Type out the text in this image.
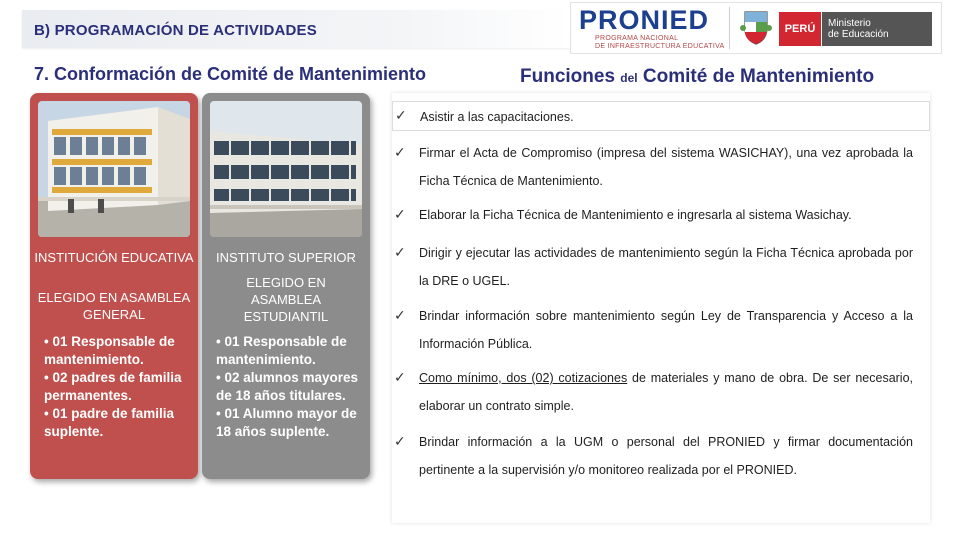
B) PROGRAMACIÓN DE ACTIVIDADES	PRONIED
PROGRAMA NACIONAL
DE INFRAESTRUCTURA EDUCATIVA
PERÚ	Ministerio
de Educación
7. Conformación de Comité de Mantenimiento	Funciones del Comité de Mantenimiento
INSTITUCIÓN EDUCATIVA
ELEGIDO EN ASAMBLEA GENERAL
• 01 Responsable de mantenimiento.
• 02 padres de familia permanentes.
• 01 padre de familia suplente.
INSTITUTO SUPERIOR
ELEGIDO EN ASAMBLEA ESTUDIANTIL
• 01 Responsable de mantenimiento.
• 02 alumnos mayores de 18 años titulares.
• 01 Alumno mayor de 18 años suplente.
✓ Asistir a las capacitaciones.
✓ Firmar el Acta de Compromiso (impresa del sistema WASICHAY), una vez aprobada la Ficha Técnica de Mantenimiento.
✓ Elaborar la Ficha Técnica de Mantenimiento e ingresarla al sistema Wasichay.
✓ Dirigir y ejecutar las actividades de mantenimiento según la Ficha Técnica aprobada por la DRE o UGEL.
✓ Brindar información sobre mantenimiento según Ley de Transparencia y Acceso a la Información Pública.
✓ Como mínimo, dos (02) cotizaciones de materiales y mano de obra. De ser necesario, elaborar un contrato simple.
✓ Brindar información a la UGM o personal del PRONIED y firmar documentación pertinente a la supervisión y/o monitoreo realizada por el PRONIED.
